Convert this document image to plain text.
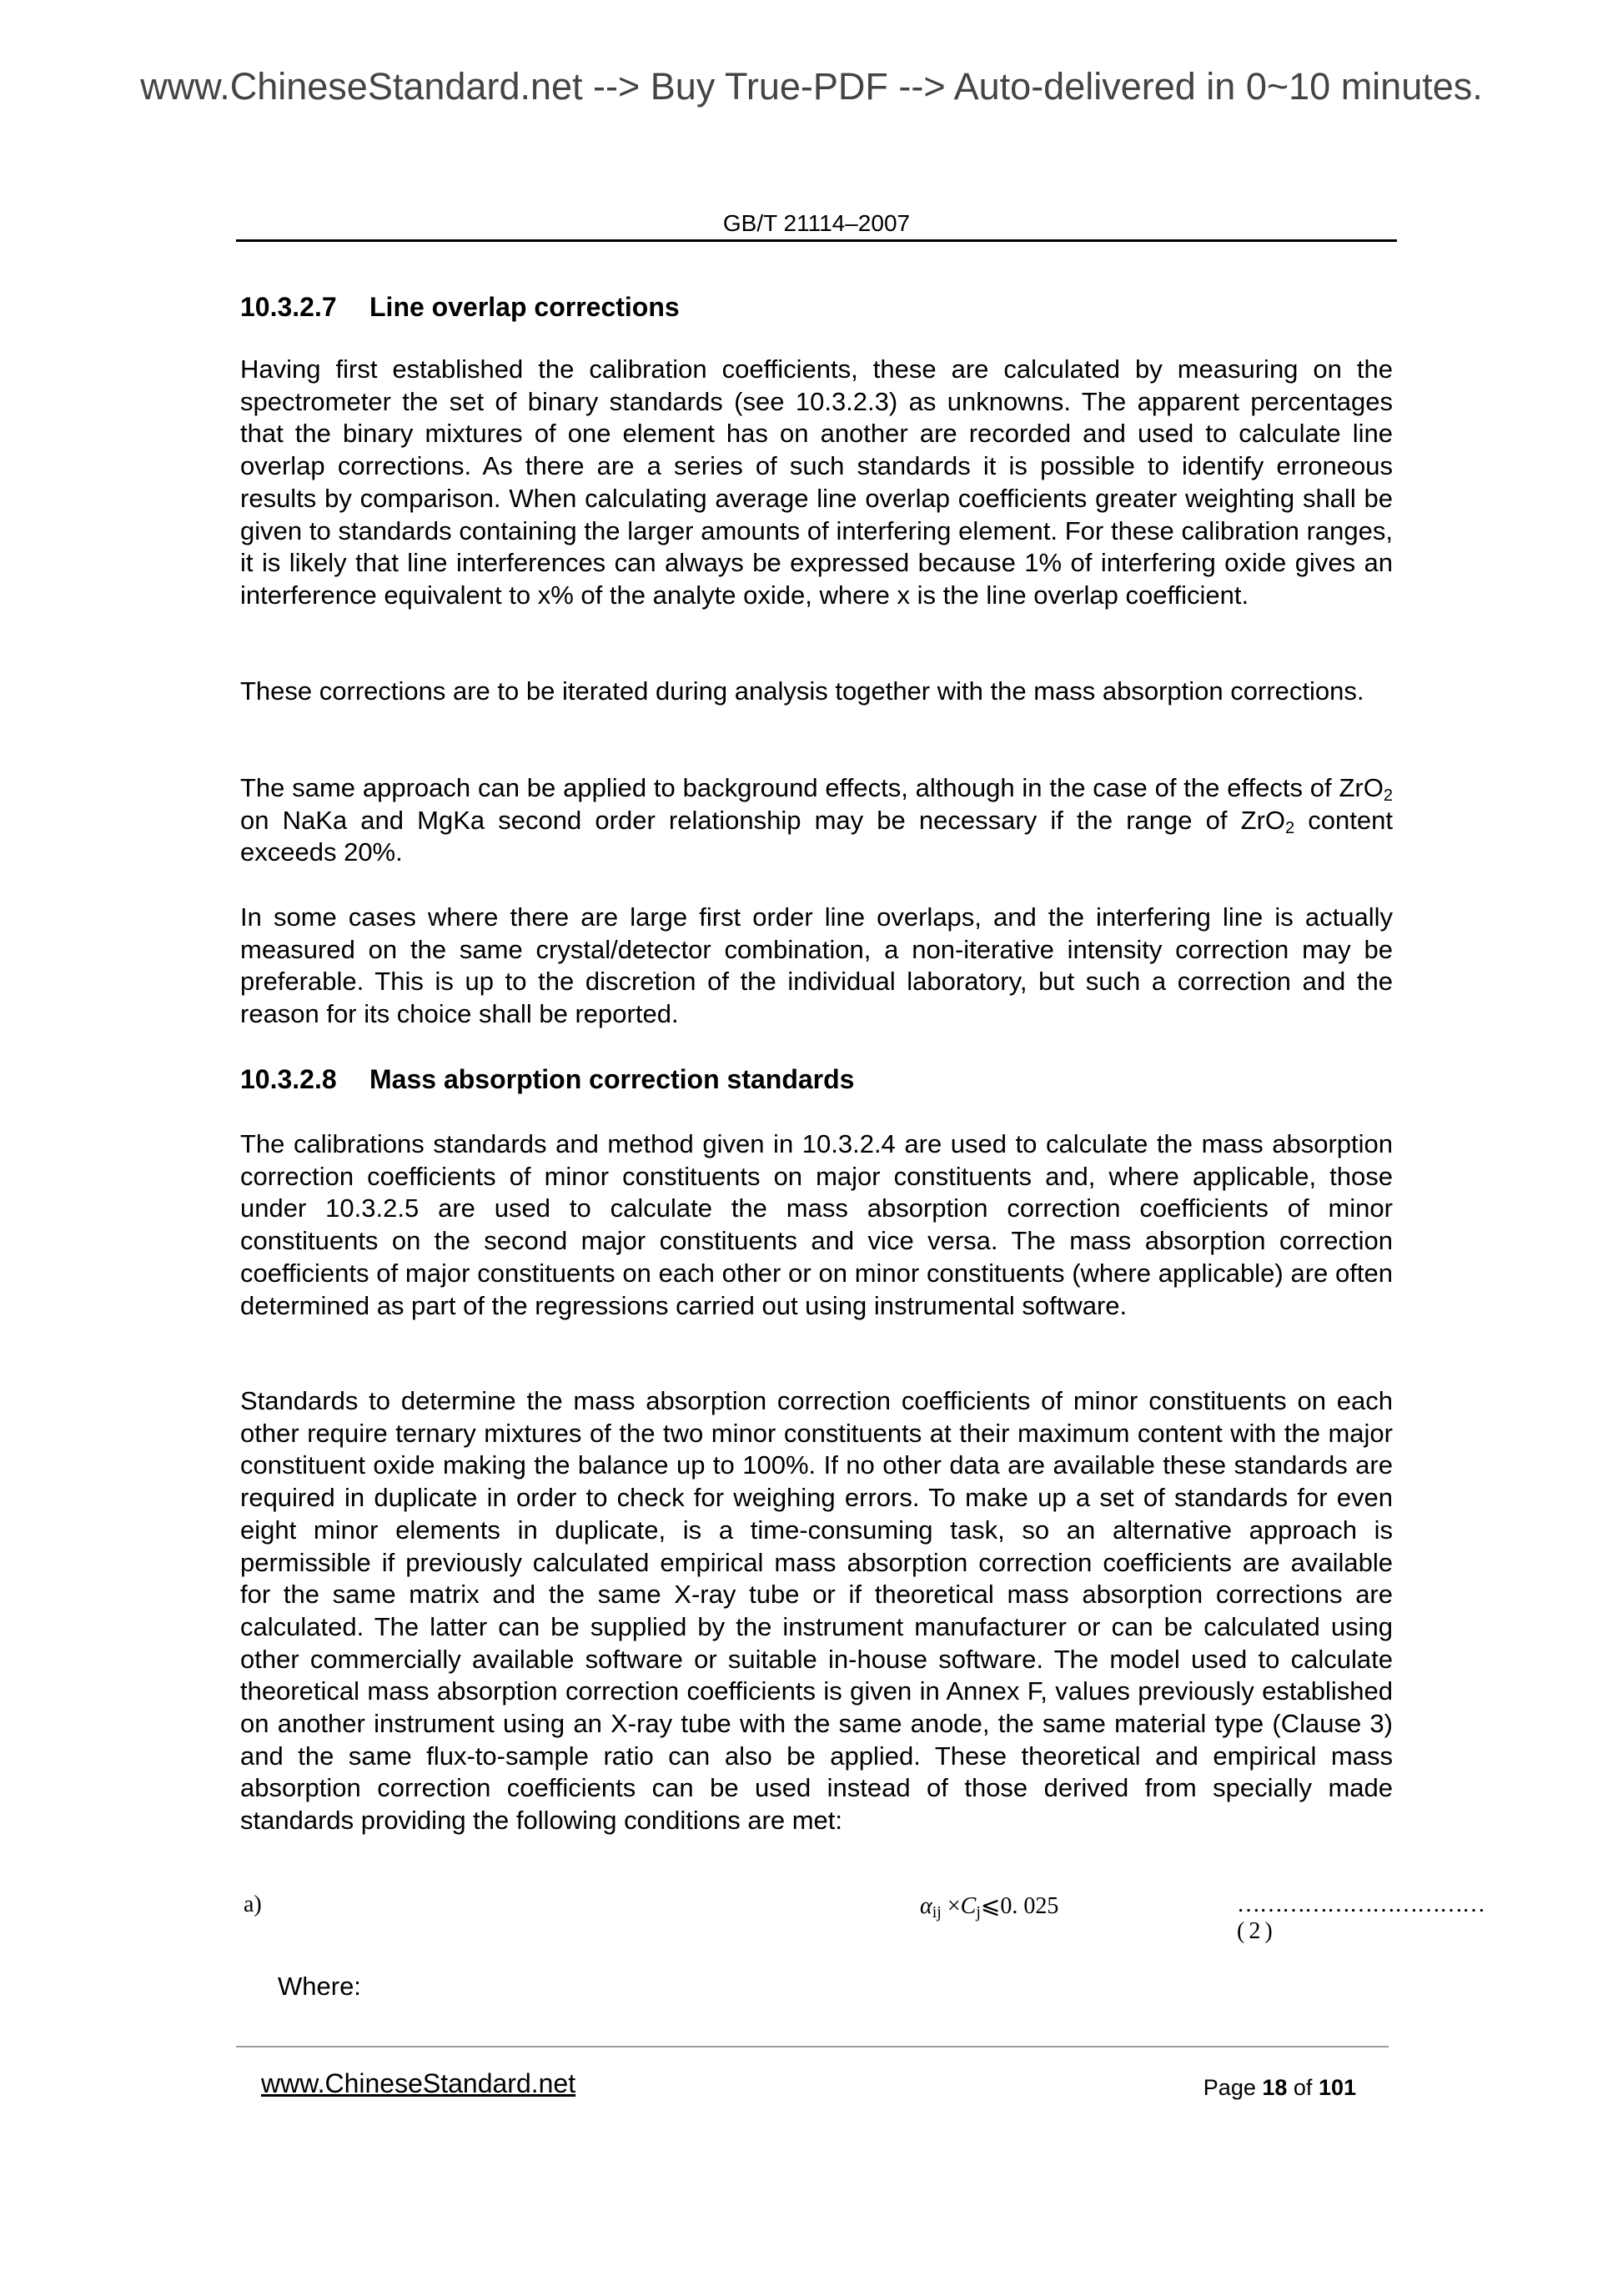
www.ChineseStandard.net --> Buy True-PDF --> Auto-delivered in 0~10 minutes.
GB/T 21114–2007
10.3.2.7 Line overlap corrections
Having first established the calibration coefficients, these are calculated by measuring on the spectrometer the set of binary standards (see 10.3.2.3) as unknowns. The apparent percentages that the binary mixtures of one element has on another are recorded and used to calculate line overlap corrections. As there are a series of such standards it is possible to identify erroneous results by comparison. When calculating average line overlap coefficients greater weighting shall be given to standards containing the larger amounts of interfering element. For these calibration ranges, it is likely that line interferences can always be expressed because 1% of interfering oxide gives an interference equivalent to x% of the analyte oxide, where x is the line overlap coefficient.
These corrections are to be iterated during analysis together with the mass absorption corrections.
The same approach can be applied to background effects, although in the case of the effects of ZrO$_2$ on NaKa and MgKa second order relationship may be necessary if the range of ZrO$_2$ content exceeds 20%.
In some cases where there are large first order line overlaps, and the interfering line is actually measured on the same crystal/detector combination, a non-iterative intensity correction may be preferable. This is up to the discretion of the individual laboratory, but such a correction and the reason for its choice shall be reported.
10.3.2.8 Mass absorption correction standards
The calibrations standards and method given in 10.3.2.4 are used to calculate the mass absorption correction coefficients of minor constituents on major constituents and, where applicable, those under 10.3.2.5 are used to calculate the mass absorption correction coefficients of minor constituents on the second major constituents and vice versa. The mass absorption correction coefficients of major constituents on each other or on minor constituents (where applicable) are often determined as part of the regressions carried out using instrumental software.
Standards to determine the mass absorption correction coefficients of minor constituents on each other require ternary mixtures of the two minor constituents at their maximum content with the major constituent oxide making the balance up to 100%. If no other data are available these standards are required in duplicate in order to check for weighing errors. To make up a set of standards for even eight minor elements in duplicate, is a time-consuming task, so an alternative approach is permissible if previously calculated empirical mass absorption correction coefficients are available for the same matrix and the same X-ray tube or if theoretical mass absorption corrections are calculated. The latter can be supplied by the instrument manufacturer or can be calculated using other commercially available software or suitable in-house software. The model used to calculate theoretical mass absorption correction coefficients is given in Annex F, values previously established on another instrument using an X-ray tube with the same anode, the same material type (Clause 3) and the same flux-to-sample ratio can also be applied. These theoretical and empirical mass absorption correction coefficients can be used instead of those derived from specially made standards providing the following conditions are met:
a)	$\alpha_{ij}$ $\times C_j⩽0$. 025	……………………………( 2 )
Where:
www.ChineseStandard.net	Page 18 of 101
